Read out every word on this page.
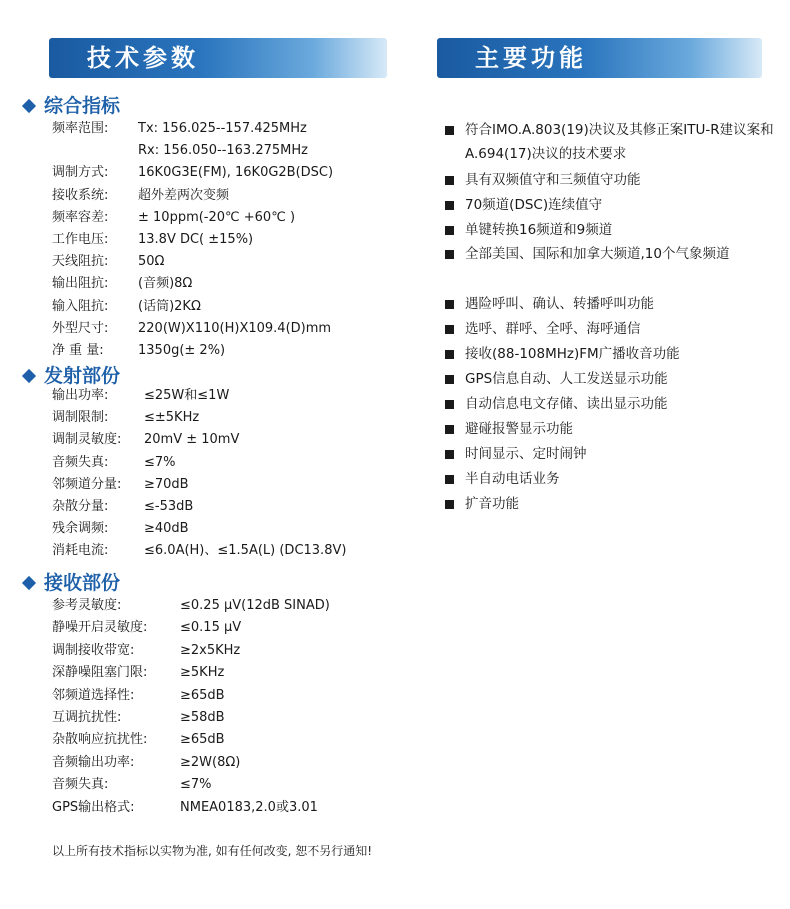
技术参数	主要功能
综合指标
频率范围: Tx: 156.025--157.425MHz
Rx: 156.050--163.275MHz
调制方式: 16K0G3E(FM), 16K0G2B(DSC)
接收系统: 超外差两次变频
频率容差: ± 10ppm(-20℃ +60℃ )
工作电压: 13.8V DC( ±15%)
天线阻抗: 50Ω
输出阻抗: (音频)8Ω
输入阻抗: (话筒)2KΩ
外型尺寸: 220(W)X110(H)X109.4(D)mm
净 重 量:	1350g(± 2%)
发射部份
输出功率:	≤25W和≤1W
调制限制:	≤±5KHz
调制灵敏度: 20mV ± 10mV
音频失真:	≤7%
邻频道分量: ≥70dB
杂散分量:	≤-53dB
残余调频:	≥40dB
消耗电流:	≤6.0A(H)、≤1.5A(L) (DC13.8V)
接收部份
参考灵敏度:	≤0.25 μV(12dB SINAD)
静噪开启灵敏度:	≤0.15 μV
调制接收带宽:	≥2x5KHz
深静噪阻塞门限:	≥5KHz
邻频道选择性:	≥65dB
互调抗扰性:	≥58dB
杂散响应抗扰性:	≥65dB
音频输出功率:	≥2W(8Ω)
音频失真:	≤7%
GPS输出格式:	NMEA0183,2.0或3.01
符合IMO.A.803(19)决议及其修正案ITU-R建议案和A.694(17)决议的技术要求
具有双频值守和三频值守功能
70频道(DSC)连续值守
单键转换16频道和9频道
全部美国、国际和加拿大频道,10个气象频道
遇险呼叫、确认、转播呼叫功能
选呼、群呼、全呼、海呼通信
接收(88-108MHz)FM广播收音功能
GPS信息自动、人工发送显示功能
自动信息电文存储、读出显示功能
避碰报警显示功能
时间显示、定时闹钟
半自动电话业务
扩音功能
以上所有技术指标以实物为准, 如有任何改变, 恕不另行通知!
